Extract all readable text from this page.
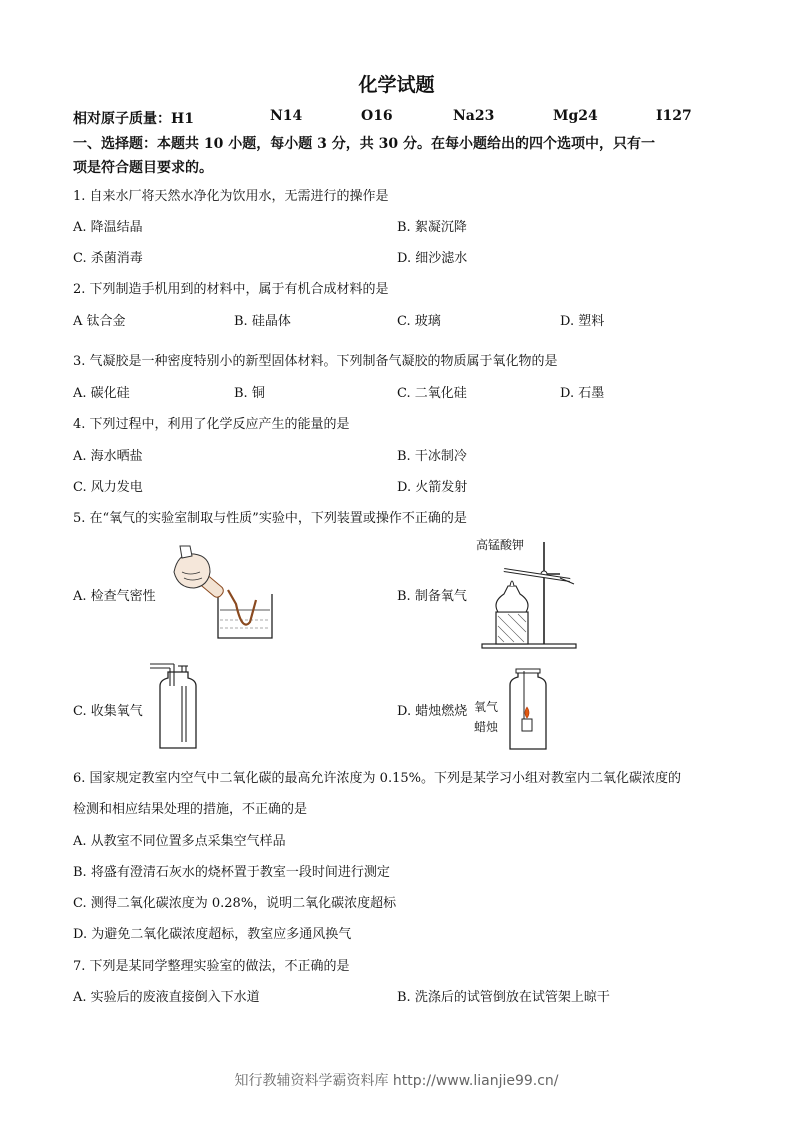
化学试题
相对原子质量：H1	N14	O16	Na23	Mg24	I127
一、选择题：本题共 10 小题，每小题 3 分，共 30 分。在每小题给出的四个选项中，只有一
项是符合题目要求的。
1. 自来水厂将天然水净化为饮用水，无需进行的操作是
A. 降温结晶	B. 絮凝沉降
C. 杀菌消毒	D. 细沙滤水
2. 下列制造手机用到的材料中，属于有机合成材料的是
A 钛合金	B. 硅晶体	C. 玻璃	D. 塑料
3. 气凝胶是一种密度特别小的新型固体材料。下列制备气凝胶的物质属于氧化物的是
A. 碳化硅	B. 铜	C. 二氧化硅	D. 石墨
4. 下列过程中，利用了化学反应产生的能量的是
A. 海水晒盐	B. 干冰制冷
C. 风力发电	D. 火箭发射
5. 在“氧气的实验室制取与性质”实验中，下列装置或操作不正确的是
A. 检查气密性	B. 制备氧气
C. 收集氧气	D. 蜡烛燃烧
高锰酸钾
氧气
蜡烛
6. 国家规定教室内空气中二氧化碳的最高允许浓度为 0.15%。下列是某学习小组对教室内二氧化碳浓度的
检测和相应结果处理的措施，不正确的是
A. 从教室不同位置多点采集空气样品
B. 将盛有澄清石灰水的烧杯置于教室一段时间进行测定
C. 测得二氧化碳浓度为 0.28%，说明二氧化碳浓度超标
D. 为避免二氧化碳浓度超标，教室应多通风换气
7. 下列是某同学整理实验室的做法，不正确的是
A. 实验后的废液直接倒入下水道	B. 洗涤后的试管倒放在试管架上晾干
知行教辅资料学霸资料库 http://www.lianjie99.cn/
